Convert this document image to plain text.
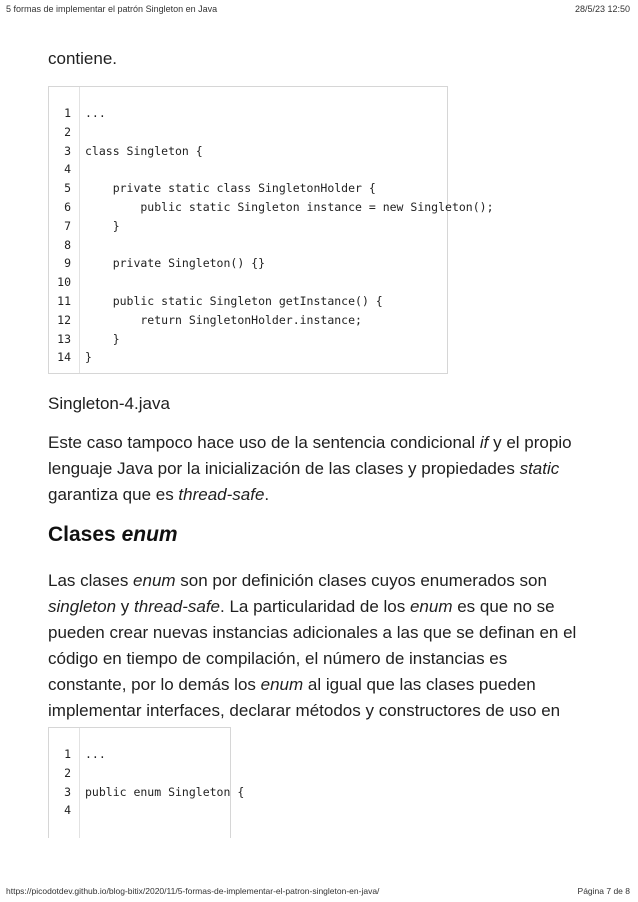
5 formas de implementar el patrón Singleton en Java	28/5/23 12:50
contiene.
1 ...
2
3 class Singleton {
4
5 private static class SingletonHolder {
6 public static Singleton instance = new Singleton();
7 }
8
9 private Singleton() {}
10
11 public static Singleton getInstance() {
12 return SingletonHolder.instance;
13 }
14 }
Singleton-4.java
Este caso tampoco hace uso de la sentencia condicional if y el propio lenguaje Java por la inicialización de las clases y propiedades static garantiza que es thread-safe.
Clases enum
Las clases enum son por definición clases cuyos enumerados son singleton y thread-safe. La particularidad de los enum es que no se pueden crear nuevas instancias adicionales a las que se definan en el código en tiempo de compilación, el número de instancias es constante, por lo demás los enum al igual que las clases pueden implementar interfaces, declarar métodos y constructores de uso en
1 ...
2
3 public enum Singleton {
4
https://picodotdev.github.io/blog-bitix/2020/11/5-formas-de-implementar-el-patron-singleton-en-java/	Página 7 de 8
